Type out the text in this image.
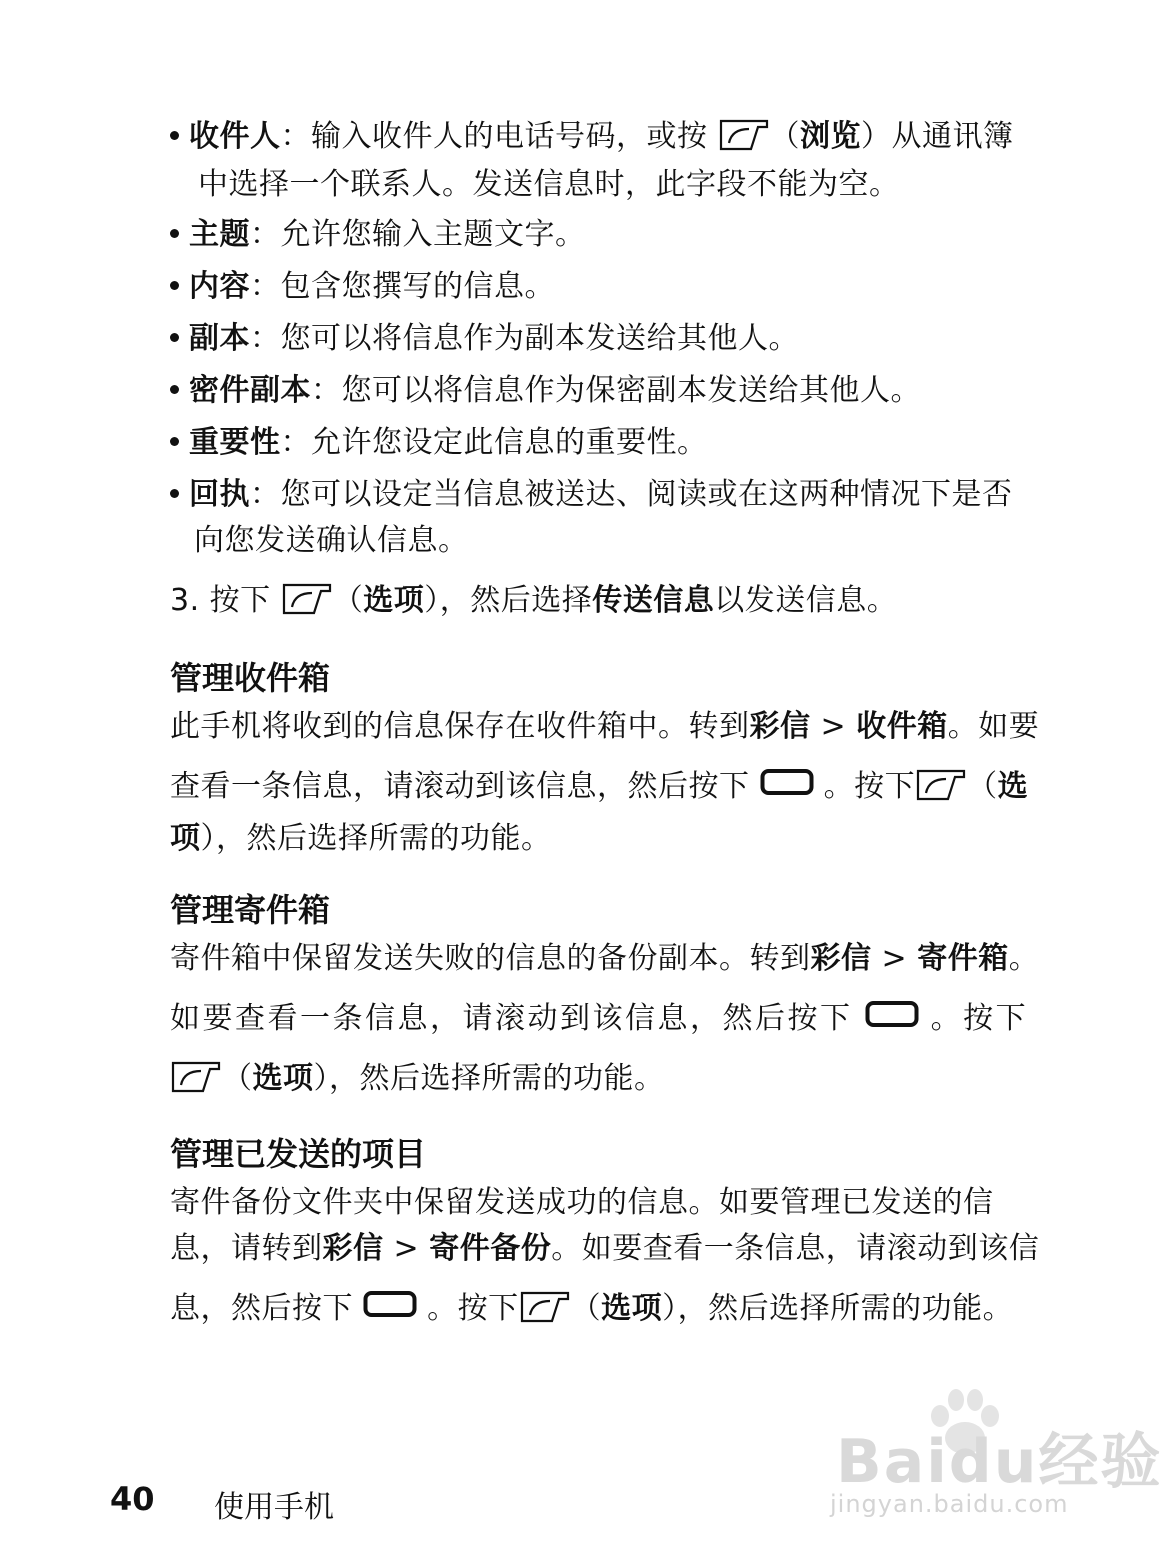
收件人：输入收件人的电话号码，或按 （浏览）从通讯簿
中选择一个联系人。发送信息时，此字段不能为空。
主题：允许您输入主题文字。
内容：包含您撰写的信息。
副本：您可以将信息作为副本发送给其他人。
密件副本：您可以将信息作为保密副本发送给其他人。
重要性：允许您设定此信息的重要性。
回执：您可以设定当信息被送达、阅读或在这两种情况下是否
向您发送确认信息。
3. 按下 （选项），然后选择传送信息以发送信息。
管理收件箱
此手机将收到的信息保存在收件箱中。转到彩信 > 收件箱。如要
查看一条信息，请滚动到该信息，然后按下 。按下 （选
项），然后选择所需的功能。
管理寄件箱
寄件箱中保留发送失败的信息的备份副本。转到彩信 > 寄件箱。
如要查看一条信息，请滚动到该信息，然后按下	。按下
（选项），然后选择所需的功能。
管理已发送的项目
寄件备份文件夹中保留发送成功的信息。如要管理已发送的信
息，请转到彩信 > 寄件备份。如要查看一条信息，请滚动到该信
息，然后按下 。按下 （选项），然后选择所需的功能。
Baidu经验
jingyan.baidu.com
40 使用手机
